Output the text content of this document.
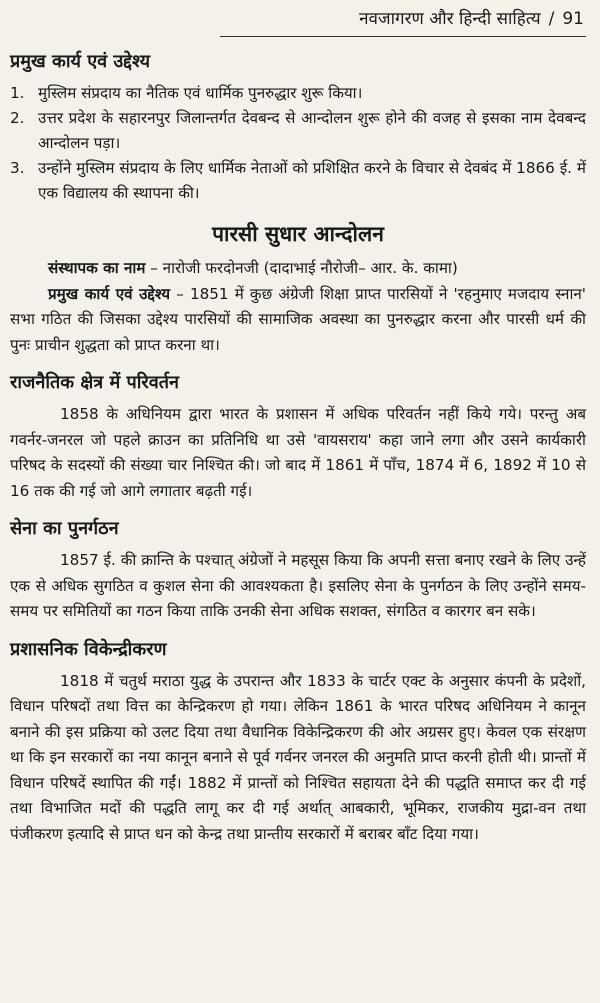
नवजागरण और हिन्दी साहित्य / 91
प्रमुख कार्य एवं उद्देश्य
1. मुस्लिम संप्रदाय का नैतिक एवं धार्मिक पुनरुद्धार शुरू किया।
2. उत्तर प्रदेश के सहारनपुर जिलान्तर्गत देवबन्द से आन्दोलन शुरू होने की वजह से इसका नाम देवबन्द आन्दोलन पड़ा।
3. उन्होंने मुस्लिम संप्रदाय के लिए धार्मिक नेताओं को प्रशिक्षित करने के विचार से देवबंद में 1866 ई. में एक विद्यालय की स्थापना की।
पारसी सुधार आन्दोलन

संस्थापक का नाम – नारोजी फरदोनजी (दादाभाई नौरोजी– आर. के. कामा)

प्रमुख कार्य एवं उद्देश्य – 1851 में कुछ अंग्रेजी शिक्षा प्राप्त पारसियों ने 'रहनुमाए मजदाय स्नान' सभा गठित की जिसका उद्देश्य पारसियों की सामाजिक अवस्था का पुनरुद्धार करना और पारसी धर्म की पुनः प्राचीन शुद्धता को प्राप्त करना था।

राजनैतिक क्षेत्र में परिवर्तन

1858 के अधिनियम द्वारा भारत के प्रशासन में अधिक परिवर्तन नहीं किये गये। परन्तु अब गवर्नर-जनरल जो पहले क्राउन का प्रतिनिधि था उसे 'वायसराय' कहा जाने लगा और उसने कार्यकारी परिषद के सदस्यों की संख्या चार निश्चित की। जो बाद में 1861 में पाँच, 1874 में 6, 1892 में 10 से 16 तक की गई जो आगे लगातार बढ़ती गई।

सेना का पुनर्गठन

1857 ई. की क्रान्ति के पश्चात् अंग्रेजों ने महसूस किया कि अपनी सत्ता बनाए रखने के लिए उन्हें एक से अधिक सुगठित व कुशल सेना की आवश्यकता है। इसलिए सेना के पुनर्गठन के लिए उन्होंने समय-समय पर समितियों का गठन किया ताकि उनकी सेना अधिक सशक्त, संगठित व कारगर बन सके।

प्रशासनिक विकेन्द्रीकरण

1818 में चतुर्थ मराठा युद्ध के उपरान्त और 1833 के चार्टर एक्ट के अनुसार कंपनी के प्रदेशों, विधान परिषदों तथा वित्त का केन्द्रिकरण हो गया। लेकिन 1861 के भारत परिषद अधिनियम ने कानून बनाने की इस प्रक्रिया को उलट दिया तथा वैधानिक विकेन्द्रिकरण की ओर अग्रसर हुए। केवल एक संरक्षण था कि इन सरकारों का नया कानून बनाने से पूर्व गर्वनर जनरल की अनुमति प्राप्त करनी होती थी। प्रान्तों में विधान परिषदें स्थापित की गईं। 1882 में प्रान्तों को निश्चित सहायता देने की पद्धति समाप्त कर दी गई तथा विभाजित मदों की पद्धति लागू कर दी गई अर्थात् आबकारी, भूमिकर, राजकीय मुद्रा-वन तथा पंजीकरण इत्यादि से प्राप्त धन को केन्द्र तथा प्रान्तीय सरकारों में बराबर बाँट दिया गया।
